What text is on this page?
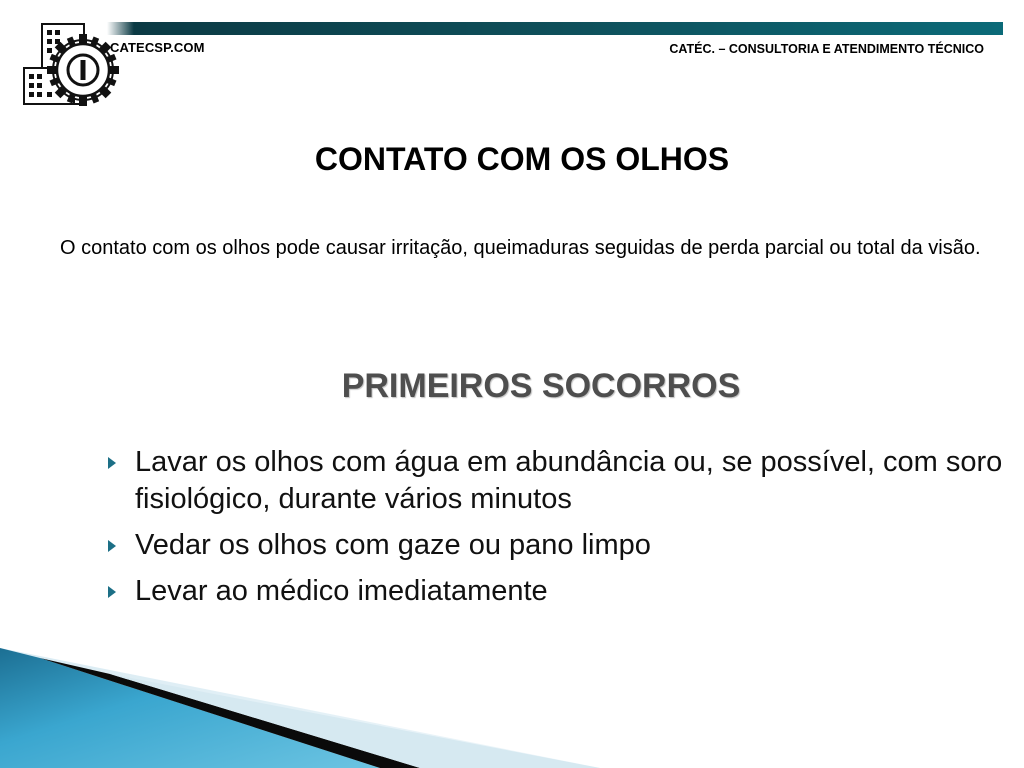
CATECSP.COM	CATÉC. – CONSULTORIA E ATENDIMENTO TÉCNICO
CONTATO COM OS OLHOS

O contato com os olhos pode causar irritação, queimaduras seguidas de perda parcial ou total da visão.

PRIMEIROS SOCORROS
Lavar os olhos com água em abundância ou, se possível, com soro fisiológico, durante vários minutos
Vedar os olhos com gaze ou pano limpo
Levar ao médico imediatamente
